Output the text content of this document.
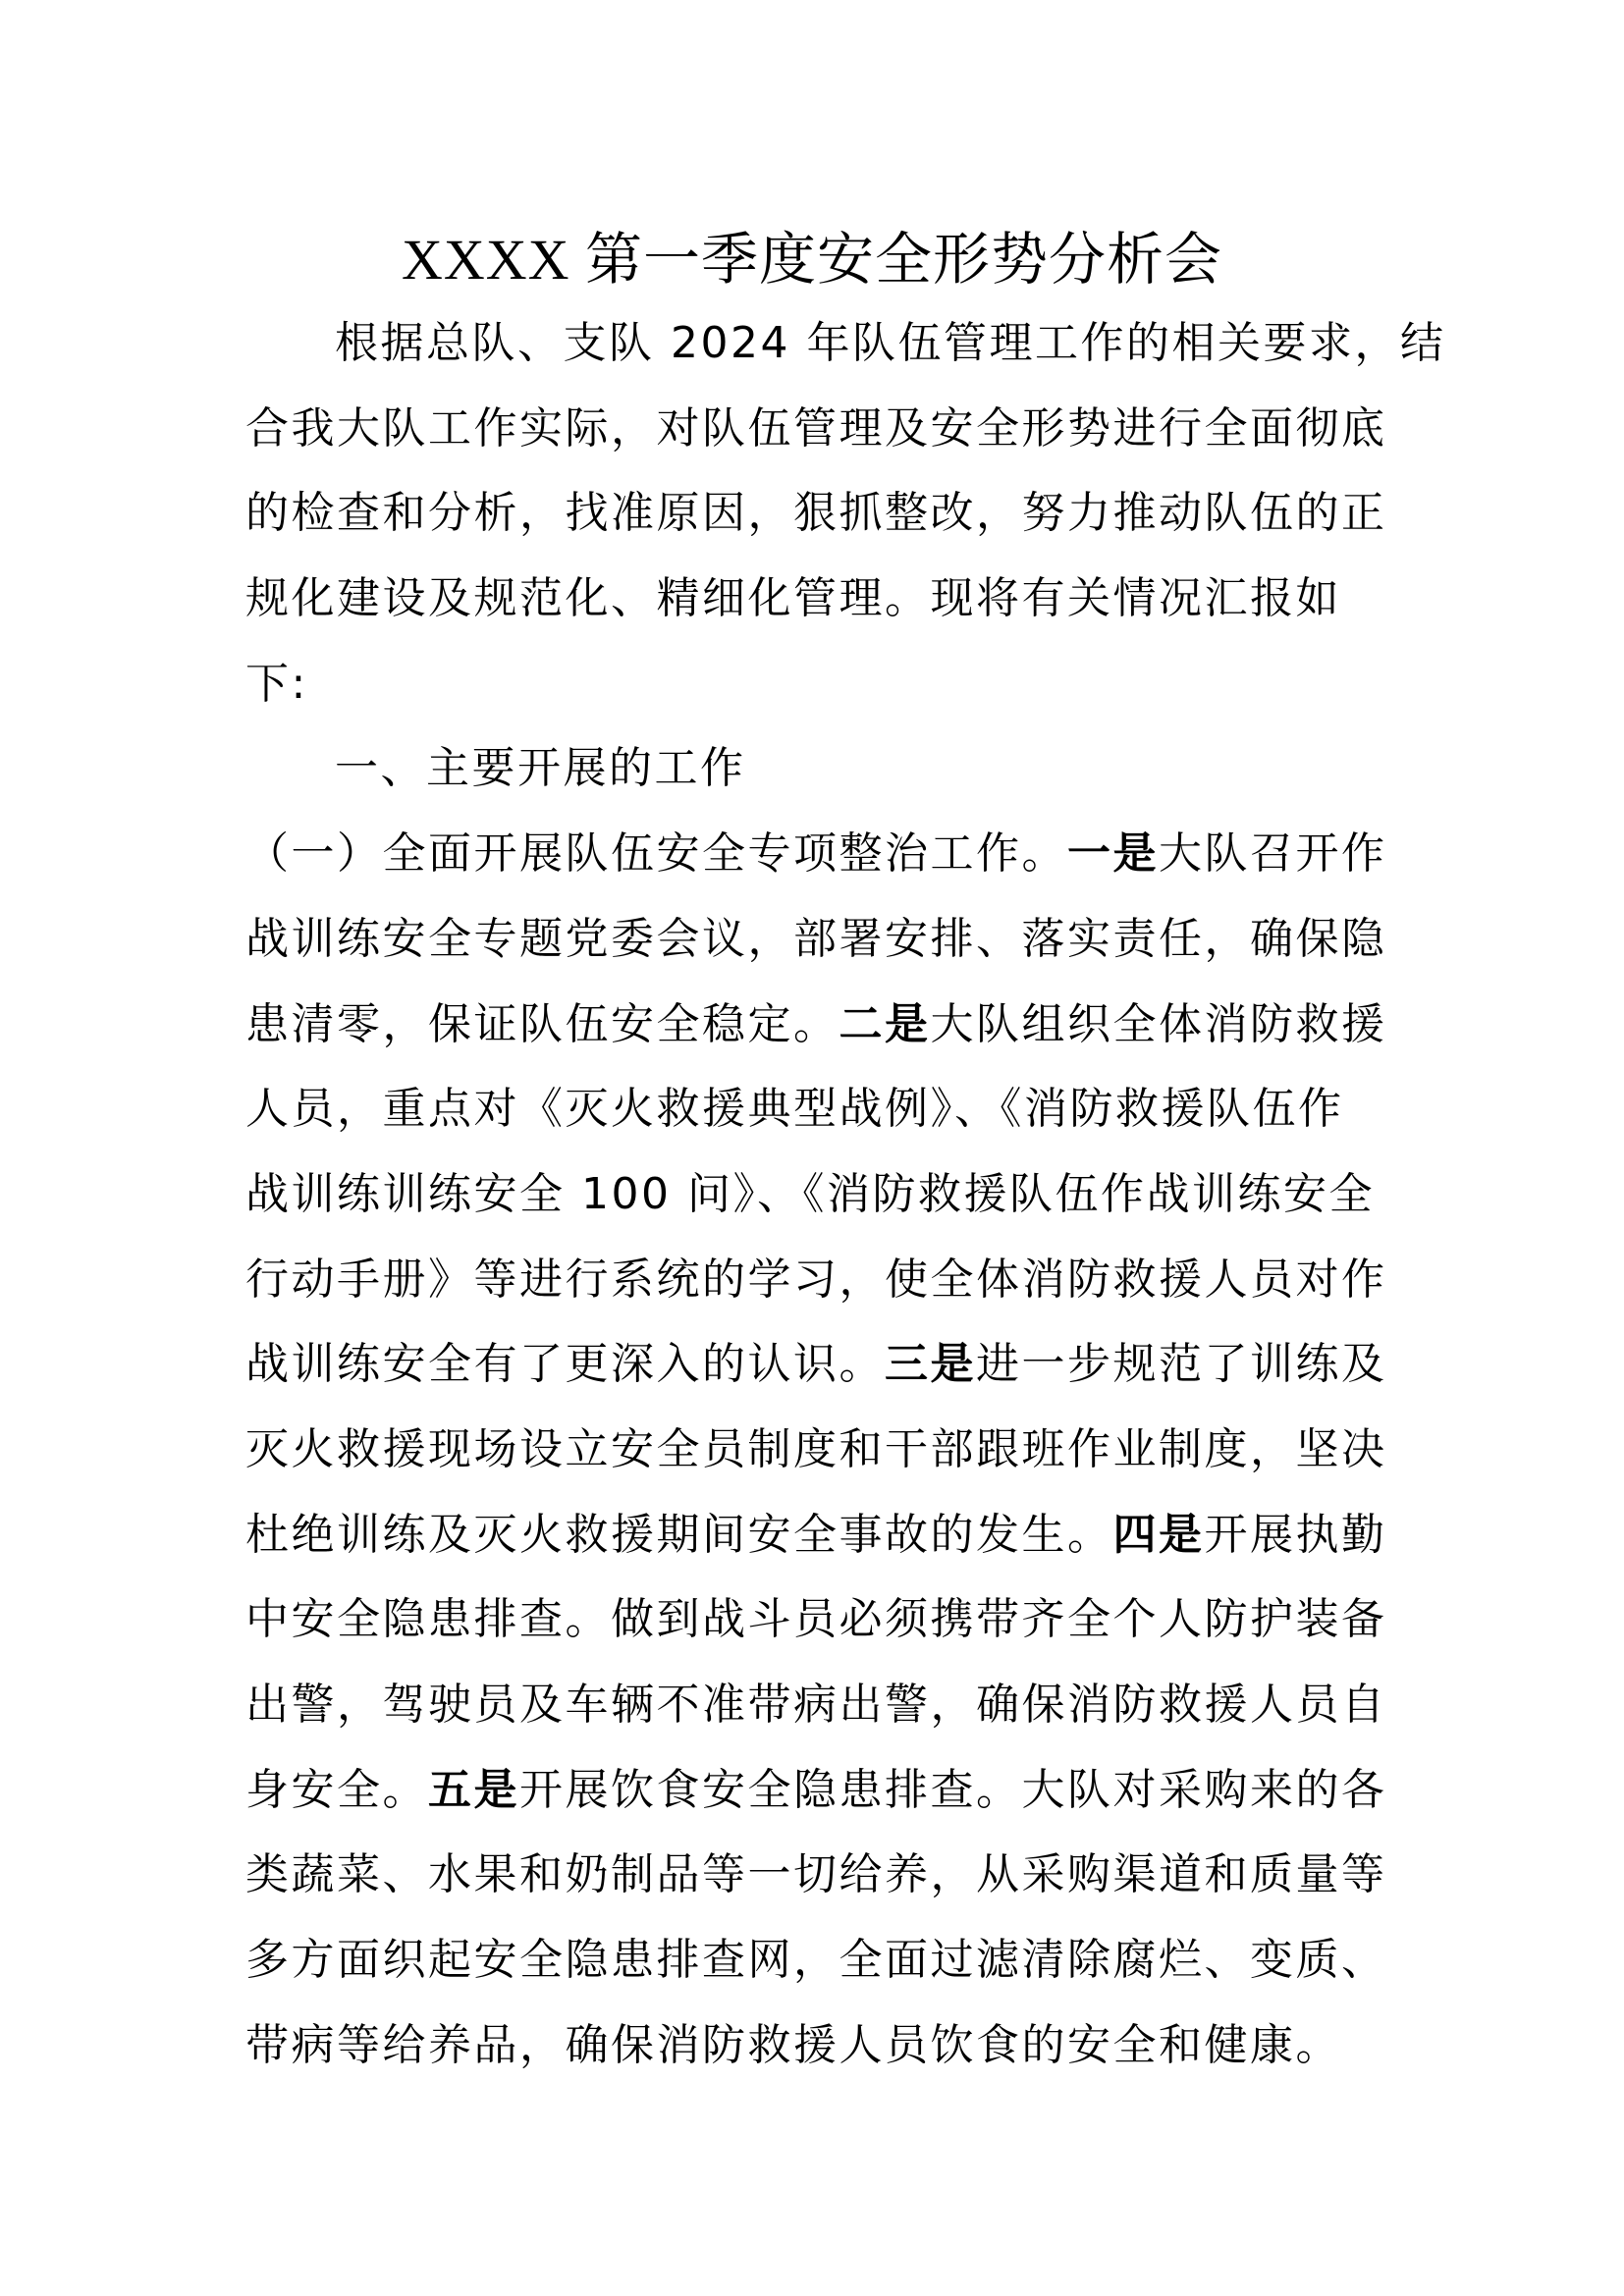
XXXX 第一季度安全形势分析会
根据总队、支队 2024 年队伍管理工作的相关要求，结
合我大队工作实际，对队伍管理及安全形势进行全面彻底
的检查和分析，找准原因，狠抓整改，努力推动队伍的正
规化建设及规范化、精细化管理。现将有关情况汇报如
下:
一、主要开展的工作
（一）全面开展队伍安全专项整治工作。一是大队召开作
战训练安全专题党委会议，部署安排、落实责任，确保隐
患清零，保证队伍安全稳定。二是大队组织全体消防救援
人员，重点对《灭火救援典型战例》、《消防救援队伍作
战训练训练安全 100 问》、《消防救援队伍作战训练安全
行动手册》等进行系统的学习，使全体消防救援人员对作
战训练安全有了更深入的认识。三是进一步规范了训练及
灭火救援现场设立安全员制度和干部跟班作业制度，坚决
杜绝训练及灭火救援期间安全事故的发生。四是开展执勤
中安全隐患排查。做到战斗员必须携带齐全个人防护装备
出警，驾驶员及车辆不准带病出警，确保消防救援人员自
身安全。五是开展饮食安全隐患排查。大队对采购来的各
类蔬菜、水果和奶制品等一切给养，从采购渠道和质量等
多方面织起安全隐患排查网，全面过滤清除腐烂、变质、
带病等给养品，确保消防救援人员饮食的安全和健康。
